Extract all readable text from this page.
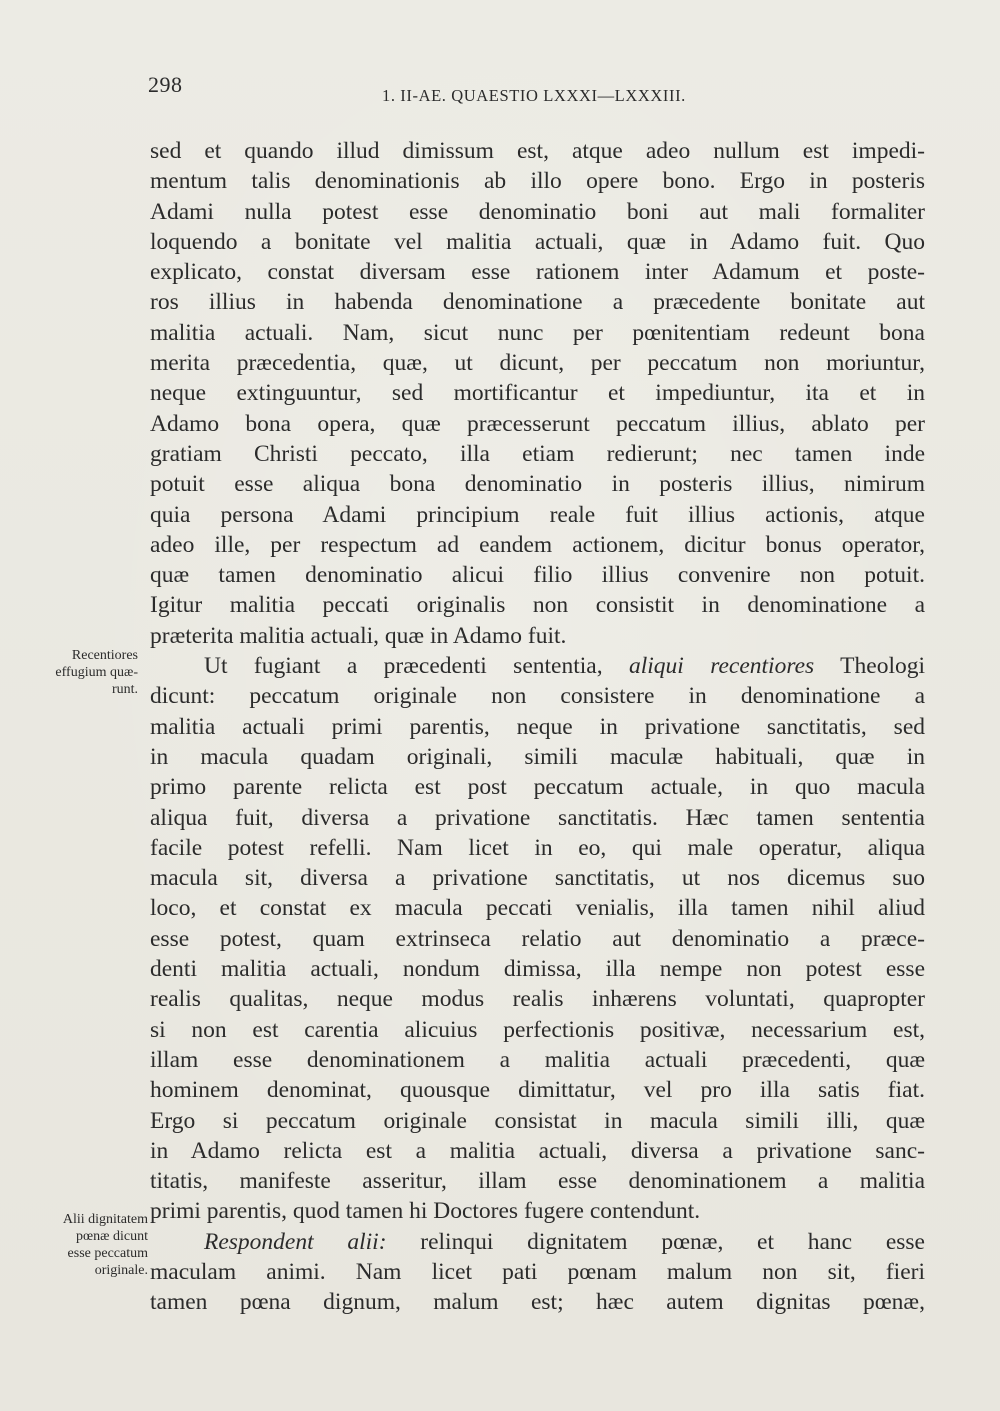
298	1. II-AE. QUAESTIO LXXXI—LXXXIII.
Recentiores
effugium quæ-
runt.
Alii dignitatem
pœnæ dicunt
esse peccatum
originale.
sed et quando illud dimissum est, atque adeo nullum est impedi-
mentum talis denominationis ab illo opere bono. Ergo in posteris
Adami nulla potest esse denominatio boni aut mali formaliter
loquendo a bonitate vel malitia actuali, quæ in Adamo fuit. Quo
explicato, constat diversam esse rationem inter Adamum et poste-
ros illius in habenda denominatione a præcedente bonitate aut
malitia actuali. Nam, sicut nunc per pœnitentiam redeunt bona
merita præcedentia, quæ, ut dicunt, per peccatum non moriuntur,
neque extinguuntur, sed mortificantur et impediuntur, ita et in
Adamo bona opera, quæ præcesserunt peccatum illius, ablato per
gratiam Christi peccato, illa etiam redierunt; nec tamen inde
potuit esse aliqua bona denominatio in posteris illius, nimirum
quia persona Adami principium reale fuit illius actionis, atque
adeo ille, per respectum ad eandem actionem, dicitur bonus operator,
quæ tamen denominatio alicui filio illius convenire non potuit.
Igitur malitia peccati originalis non consistit in denominatione a
præterita malitia actuali, quæ in Adamo fuit.
Ut fugiant a præcedenti sententia, aliqui recentiores Theologi
dicunt: peccatum originale non consistere in denominatione a
malitia actuali primi parentis, neque in privatione sanctitatis, sed
in macula quadam originali, simili maculæ habituali, quæ in
primo parente relicta est post peccatum actuale, in quo macula
aliqua fuit, diversa a privatione sanctitatis. Hæc tamen sententia
facile potest refelli. Nam licet in eo, qui male operatur, aliqua
macula sit, diversa a privatione sanctitatis, ut nos dicemus suo
loco, et constat ex macula peccati venialis, illa tamen nihil aliud
esse potest, quam extrinseca relatio aut denominatio a præce-
denti malitia actuali, nondum dimissa, illa nempe non potest esse
realis qualitas, neque modus realis inhærens voluntati, quapropter
si non est carentia alicuius perfectionis positivæ, necessarium est,
illam esse denominationem a malitia actuali præcedenti, quæ
hominem denominat, quousque dimittatur, vel pro illa satis fiat.
Ergo si peccatum originale consistat in macula simili illi, quæ
in Adamo relicta est a malitia actuali, diversa a privatione sanc-
titatis, manifeste asseritur, illam esse denominationem a malitia
primi parentis, quod tamen hi Doctores fugere contendunt.
Respondent alii: relinqui dignitatem pœnæ, et hanc esse
maculam animi. Nam licet pati pœnam malum non sit, fieri
tamen pœna dignum, malum est; hæc autem dignitas pœnæ,
